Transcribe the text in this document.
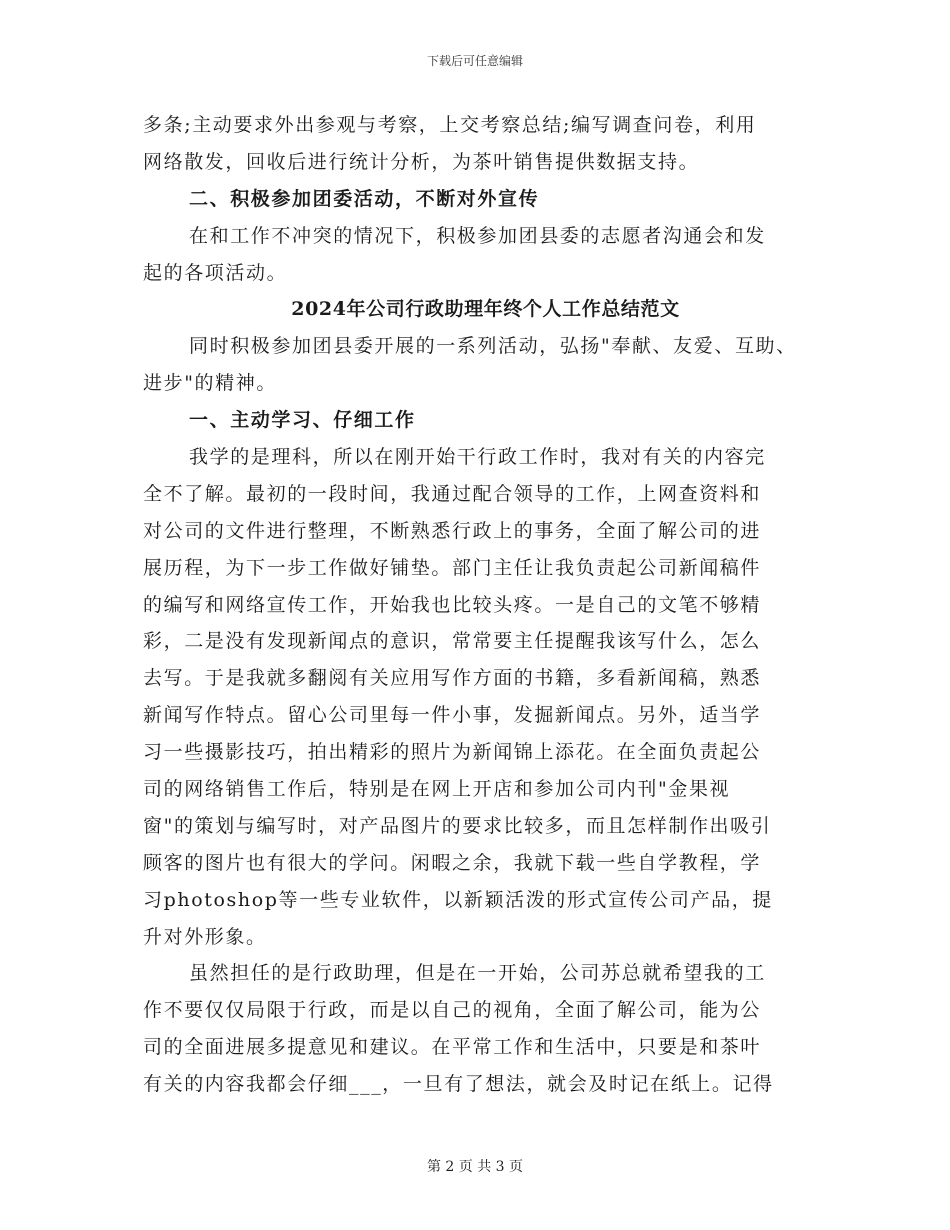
下载后可任意编辑
多条;主动要求外出参观与考察，上交考察总结;编写调查问卷，利用
网络散发，回收后进行统计分析，为茶叶销售提供数据支持。
二、积极参加团委活动，不断对外宣传
在和工作不冲突的情况下，积极参加团县委的志愿者沟通会和发
起的各项活动。
2024年公司行政助理年终个人工作总结范文
同时积极参加团县委开展的一系列活动，弘扬"奉献、友爱、互助、
进步"的精神。
一、主动学习、仔细工作
我学的是理科，所以在刚开始干行政工作时，我对有关的内容完
全不了解。最初的一段时间，我通过配合领导的工作，上网查资料和
对公司的文件进行整理，不断熟悉行政上的事务，全面了解公司的进
展历程，为下一步工作做好铺垫。部门主任让我负责起公司新闻稿件
的编写和网络宣传工作，开始我也比较头疼。一是自己的文笔不够精
彩，二是没有发现新闻点的意识，常常要主任提醒我该写什么，怎么
去写。于是我就多翻阅有关应用写作方面的书籍，多看新闻稿，熟悉
新闻写作特点。留心公司里每一件小事，发掘新闻点。另外，适当学
习一些摄影技巧，拍出精彩的照片为新闻锦上添花。在全面负责起公
司的网络销售工作后，特别是在网上开店和参加公司内刊"金果视
窗"的策划与编写时，对产品图片的要求比较多，而且怎样制作出吸引
顾客的图片也有很大的学问。闲暇之余，我就下载一些自学教程，学
习photoshop等一些专业软件，以新颖活泼的形式宣传公司产品，提
升对外形象。
虽然担任的是行政助理，但是在一开始，公司苏总就希望我的工
作不要仅仅局限于行政，而是以自己的视角，全面了解公司，能为公
司的全面进展多提意见和建议。在平常工作和生活中，只要是和茶叶
有关的内容我都会仔细___，一旦有了想法，就会及时记在纸上。记得
第 2 页 共 3 页
